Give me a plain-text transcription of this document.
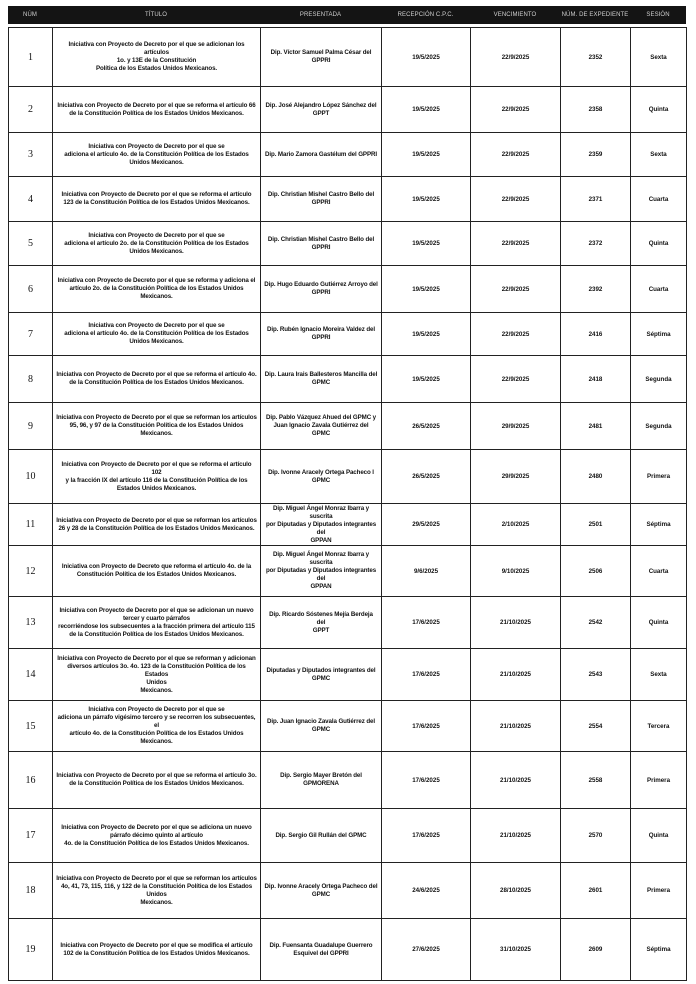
NÚM	TÍTULO	PRESENTADA	RECEPCIÓN C.P.C.	VENCIMIENTO	NÚM. DE EXPEDIENTE	SESIÓN
1	Iniciativa con Proyecto de Decreto por el que se adicionan los artículos
1o. y 13E de la Constitución
Política de los Estados Unidos Mexicanos.	Dip. Víctor Samuel Palma César del GPPRI	19/5/2025	22/9/2025	2352	Sexta
2	Iniciativa con Proyecto de Decreto por el que se reforma el artículo 66
de la Constitución Política de los Estados Unidos Mexicanos.	Dip. José Alejandro López Sánchez del
GPPT	19/5/2025	22/9/2025	2358	Quinta
3	Iniciativa con Proyecto de Decreto por el que se
adiciona el artículo 4o. de la Constitución Política de los Estados
Unidos Mexicanos.	Dip. Mario Zamora Gastélum del GPPRI	19/5/2025	22/9/2025	2359	Sexta
4	Iniciativa con Proyecto de Decreto por el que se reforma el artículo
123 de la Constitución Política de los Estados Unidos Mexicanos.	Dip. Christian Mishel Castro Bello del
GPPRI	19/5/2025	22/9/2025	2371	Cuarta
5	Iniciativa con Proyecto de Decreto por el que se
adiciona el artículo 2o. de la Constitución Política de los Estados
Unidos Mexicanos.	Dip. Christian Mishel Castro Bello del
GPPRI	19/5/2025	22/9/2025	2372	Quinta
6	Iniciativa con Proyecto de Decreto por el que se reforma y adiciona el
artículo 2o. de la Constitución Política de los Estados Unidos
Mexicanos.	Dip. Hugo Eduardo Gutiérrez Arroyo del
GPPRI	19/5/2025	22/9/2025	2392	Cuarta
7	Iniciativa con Proyecto de Decreto por el que se
adiciona el artículo 4o. de la Constitución Política de los Estados
Unidos Mexicanos.	Dip. Rubén Ignacio Moreira Valdez del
GPPRI	19/5/2025	22/9/2025	2416	Séptima
8	Iniciativa con Proyecto de Decreto por el que se reforma el artículo 4o.
de la Constitución Política de los Estados Unidos Mexicanos.	Dip. Laura Irais Ballesteros Mancilla del
GPMC	19/5/2025	22/9/2025	2418	Segunda
9	Iniciativa con Proyecto de Decreto por el que se reforman los artículos
95, 96, y 97 de la Constitución Política de los Estados Unidos
Mexicanos.	Dip. Pablo Vázquez Ahued del GPMC y
Juan Ignacio Zavala Gutiérrez del GPMC	26/5/2025	29/9/2025	2481	Segunda
10	Iniciativa con Proyecto de Decreto por el que se reforma el artículo 102
y la fracción IX del artículo 116 de la Constitución Política de los
Estados Unidos Mexicanos.	Dip. Ivonne Aracely Ortega Pacheco l
GPMC	26/5/2025	29/9/2025	2480	Primera
11	Iniciativa con Proyecto de Decreto por el que se reforman los artículos
26 y 28 de la Constitución Política de los Estados Unidos Mexicanos.	Dip. Miguel Ángel Monraz Ibarra y suscrita
por Diputadas y Diputados integrantes del
GPPAN	29/5/2025	2/10/2025	2501	Séptima
12	Iniciativa con Proyecto de Decreto que reforma el artículo 4o. de la
Constitución Política de los Estados Unidos Mexicanos.	Dip. Miguel Ángel Monraz Ibarra y suscrita
por Diputadas y Diputados integrantes del
GPPAN	9/6/2025	9/10/2025	2506	Cuarta
13	Iniciativa con Proyecto de Decreto por el que se adicionan un nuevo
tercer y cuarto párrafos
recorriéndose los subsecuentes a la fracción primera del artículo 115
de la Constitución Política de los Estados Unidos Mexicanos.	Dip. Ricardo Sóstenes Mejía Berdeja del
GPPT	17/6/2025	21/10/2025	2542	Quinta
14	Iniciativa con Proyecto de Decreto por el que se reforman y adicionan
diversos artículos 3o. 4o. 123 de la Constitución Política de los Estados
Unidos
Mexicanos.	Diputadas y Diputados integrantes del
GPMC	17/6/2025	21/10/2025	2543	Sexta
15	Iniciativa con Proyecto de Decreto por el que se
adiciona un párrafo vigésimo tercero y se recorren los subsecuentes, el
artículo 4o. de la Constitución Política de los Estados Unidos
Mexicanos.	Dip. Juan Ignacio Zavala Gutiérrez del
GPMC	17/6/2025	21/10/2025	2554	Tercera
16	Iniciativa con Proyecto de Decreto por el que se reforma el artículo 3o.
de la Constitución Política de los Estados Unidos Mexicanos.	Dip. Sergio Mayer Bretón del GPMORENA	17/6/2025	21/10/2025	2558	Primera
17	Iniciativa con Proyecto de Decreto por el que se adiciona un nuevo
párrafo décimo quinto al artículo
4o. de la Constitución Política de los Estados Unidos Mexicanos.	Dip. Sergio Gil Rullán del GPMC	17/6/2025	21/10/2025	2570	Quinta
18	Iniciativa con Proyecto de Decreto por el que se reforman los artículos
4o, 41, 73, 115, 116, y 122 de la Constitución Política de los Estados
Unidos
Mexicanos.	Dip. Ivonne Aracely Ortega Pacheco del
GPMC	24/6/2025	28/10/2025	2601	Primera
19	Iniciativa con Proyecto de Decreto por el que se modifica el artículo
102 de la Constitución Política de los Estados Unidos Mexicanos.	Dip. Fuensanta Guadalupe Guerrero
Esquivel del GPPRI	27/6/2025	31/10/2025	2609	Séptima
